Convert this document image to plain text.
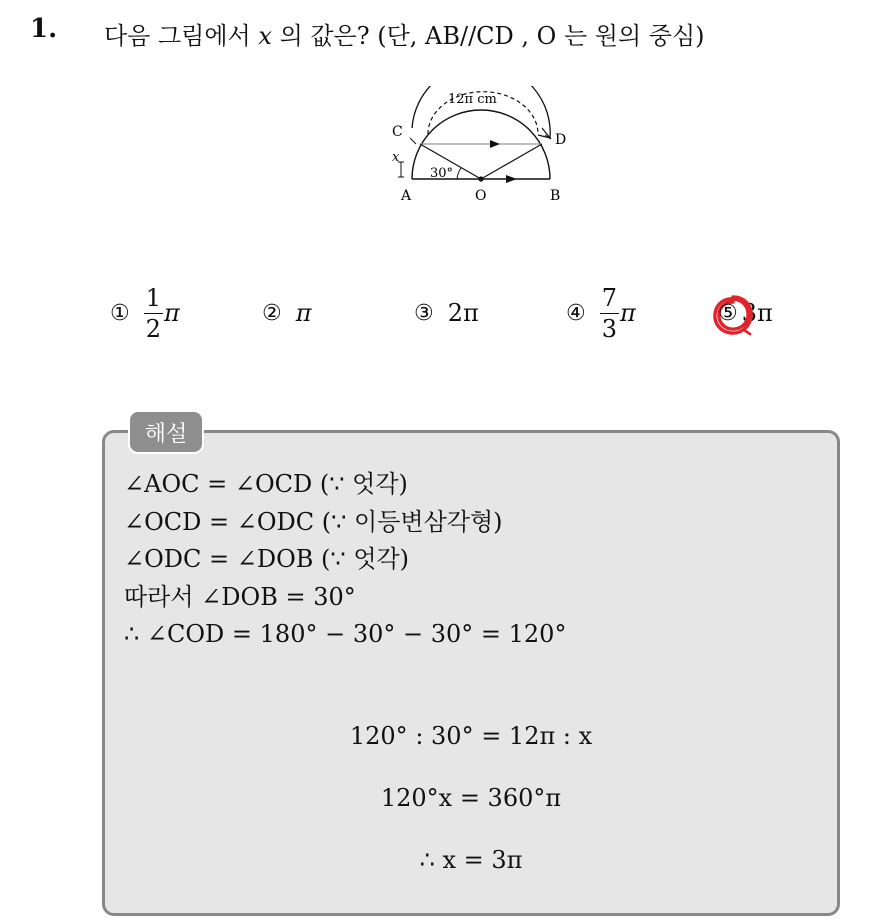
1. 다음 그림에서 x 의 값은? (단, AB//CD , O 는 원의 중심)
12π cm
30°
x
A	O	B
C	D
① $\frac{1}{2}$ π	② π	③ 2π	④ $\frac{7}{3}$ π	⑤ 3π
해설
∠AOC = ∠OCD (∵ 엇각)
∠OCD = ∠ODC (∵ 이등변삼각형)
∠ODC = ∠DOB (∵ 엇각)
따라서 ∠DOB = 30°
∴ ∠COD = 180° − 30° − 30° = 120°
120° : 30° = 12π : x
120°x = 360°π
∴ x = 3π
